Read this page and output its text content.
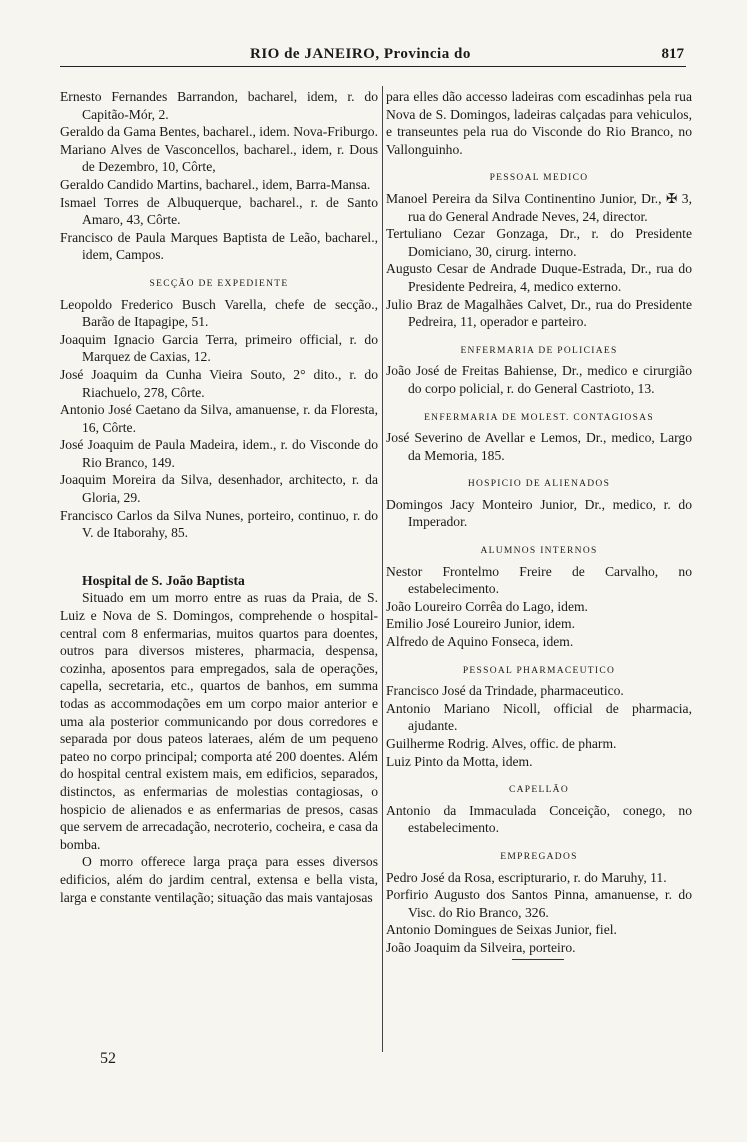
RIO de JANEIRO, Provincia do	817
Ernesto Fernandes Barrandon, bacharel, idem, r. do Capitão-Mór, 2.
Geraldo da Gama Bentes, bacharel., idem. Nova-Friburgo.
Mariano Alves de Vasconcellos, bacharel., idem, r. Dous de Dezembro, 10, Côrte,
Geraldo Candido Martins, bacharel., idem, Barra-Mansa.
Ismael Torres de Albuquerque, bacharel., r. de Santo Amaro, 43, Côrte.
Francisco de Paula Marques Baptista de Leão, bacharel., idem, Campos.
SECÇÃO DE EXPEDIENTE
Leopoldo Frederico Busch Varella, chefe de secção., Barão de Itapagipe, 51.
Joaquim Ignacio Garcia Terra, primeiro official, r. do Marquez de Caxias, 12.
José Joaquim da Cunha Vieira Souto, 2° dito., r. do Riachuelo, 278, Côrte.
Antonio José Caetano da Silva, amanuense, r. da Floresta, 16, Côrte.
José Joaquim de Paula Madeira, idem., r. do Visconde do Rio Branco, 149.
Joaquim Moreira da Silva, desenhador, architecto, r. da Gloria, 29.
Francisco Carlos da Silva Nunes, porteiro, continuo, r. do V. de Itaborahy, 85.
Hospital de S. João Baptista
Situado em um morro entre as ruas da Praia, de S. Luiz e Nova de S. Domingos, comprehende o hospital-central com 8 enfermarias, muitos quartos para doentes, outros para diversos misteres, pharmacia, despensa, cozinha, aposentos para empregados, sala de operações, capella, secretaria, etc., quartos de banhos, em summa todas as accommodações em um corpo maior anterior e uma ala posterior communicando por dous corredores e separada por dous pateos lateraes, além de um pequeno pateo no corpo principal; comporta até 200 doentes. Além do hospital central existem mais, em edificios, separados, distinctos, as enfermarias de molestias contagiosas, o hospicio de alienados e as enfermarias de presos, casas que servem de arrecadação, necroterio, cocheira, e casa da bomba.
O morro offerece larga praça para esses diversos edificios, além do jardim central, extensa e bella vista, larga e constante ventilação; situação das mais vantajosas
para elles dão accesso ladeiras com escadinhas pela rua Nova de S. Domingos, ladeiras calçadas para vehiculos, e transeuntes pela rua do Visconde do Rio Branco, no Vallonguinho.
PESSOAL MEDICO
Manoel Pereira da Silva Continentino Junior, Dr., ✠ 3, rua do General Andrade Neves, 24, director.
Tertuliano Cezar Gonzaga, Dr., r. do Presidente Domiciano, 30, cirurg. interno.
Augusto Cesar de Andrade Duque-Estrada, Dr., rua do Presidente Pedreira, 4, medico externo.
Julio Braz de Magalhães Calvet, Dr., rua do Presidente Pedreira, 11, operador e parteiro.
ENFERMARIA DE POLICIAES
João José de Freitas Bahiense, Dr., medico e cirurgião do corpo policial, r. do General Castrioto, 13.
ENFERMARIA DE MOLEST. CONTAGIOSAS
José Severino de Avellar e Lemos, Dr., medico, Largo da Memoria, 185.
HOSPICIO DE ALIENADOS
Domingos Jacy Monteiro Junior, Dr., medico, r. do Imperador.
ALUMNOS INTERNOS
Nestor Frontelmo Freire de Carvalho, no estabelecimento.
João Loureiro Corrêa do Lago, idem.
Emilio José Loureiro Junior, idem.
Alfredo de Aquino Fonseca, idem.
PESSOAL PHARMACEUTICO
Francisco José da Trindade, pharmaceutico.
Antonio Mariano Nicoll, official de pharmacia, ajudante.
Guilherme Rodrig. Alves, offic. de pharm.
Luiz Pinto da Motta, idem.
CAPELLÃO
Antonio da Immaculada Conceição, conego, no estabelecimento.
EMPREGADOS
Pedro José da Rosa, escripturario, r. do Maruhy, 11.
Porfirio Augusto dos Santos Pinna, amanuense, r. do Visc. do Rio Branco, 326.
Antonio Domingues de Seixas Junior, fiel.
João Joaquim da Silveira, porteiro.
52
